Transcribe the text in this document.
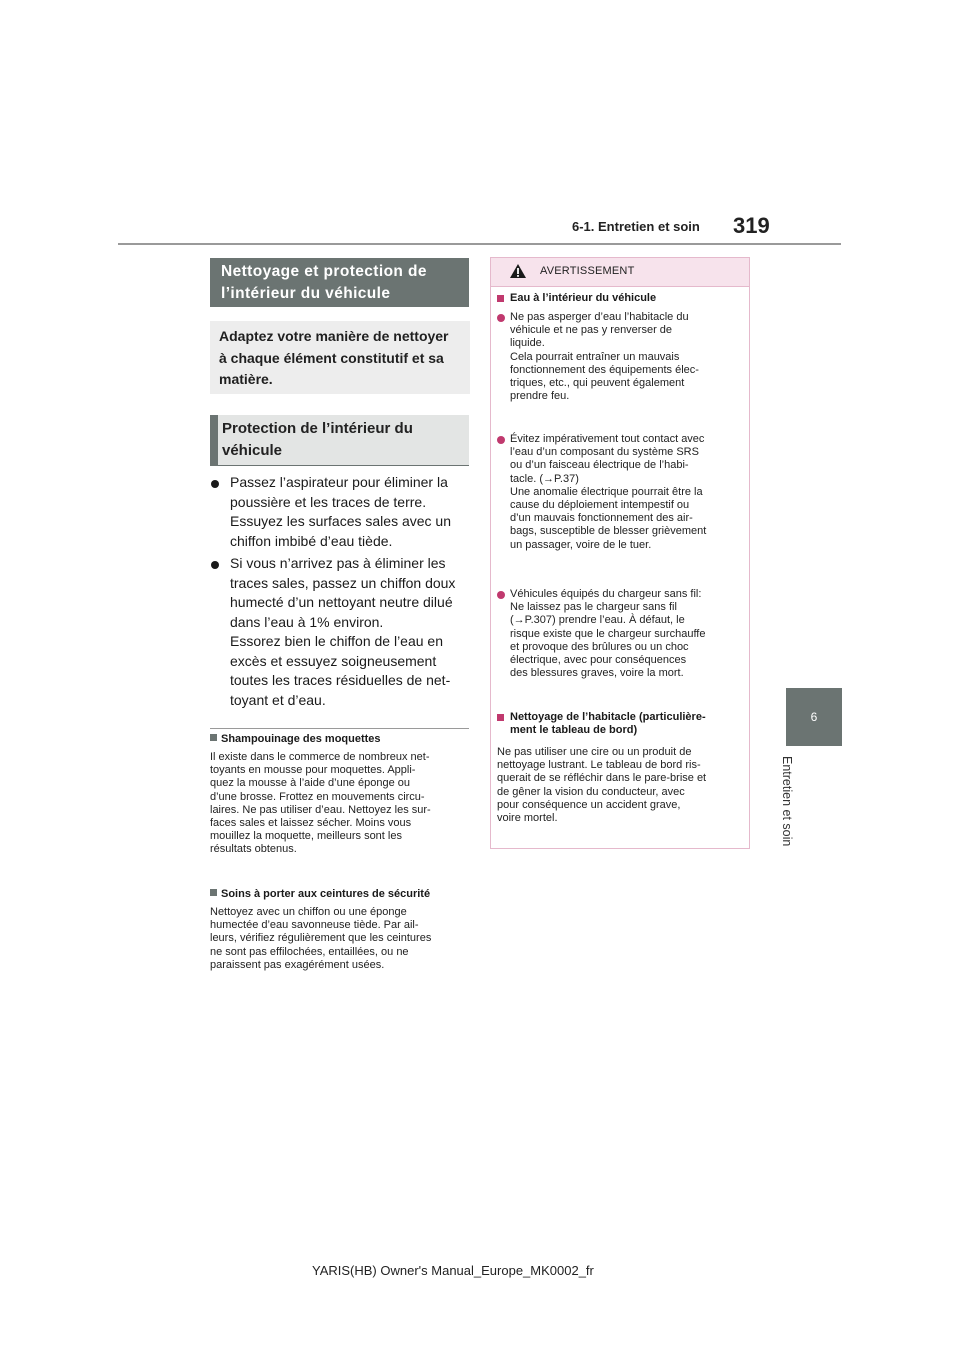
6-1. Entretien et soin 319
6
Entretien et soin
Nettoyage et protection de
l’intérieur du véhicule
Adaptez votre manière de nettoyer
à chaque élément constitutif et sa
matière.
Protection de l’intérieur du
véhicule
Passez l’aspirateur pour éliminer la
poussière et les traces de terre.
Essuyez les surfaces sales avec un
chiffon imbibé d’eau tiède.
Si vous n’arrivez pas à éliminer les
traces sales, passez un chiffon doux
humecté d’un nettoyant neutre dilué
dans l’eau à 1% environ.
Essorez bien le chiffon de l’eau en
excès et essuyez soigneusement
toutes les traces résiduelles de net-
toyant et d’eau.
Shampouinage des moquettes
Il existe dans le commerce de nombreux net-
toyants en mousse pour moquettes. Appli-
quez la mousse à l’aide d’une éponge ou
d’une brosse. Frottez en mouvements circu-
laires. Ne pas utiliser d’eau. Nettoyez les sur-
faces sales et laissez sécher. Moins vous
mouillez la moquette, meilleurs sont les
résultats obtenus.
Soins à porter aux ceintures de sécurité
Nettoyez avec un chiffon ou une éponge
humectée d’eau savonneuse tiède. Par ail-
leurs, vérifiez régulièrement que les ceintures
ne sont pas effilochées, entaillées, ou ne
paraissent pas exagérément usées.
AVERTISSEMENT
Eau à l’intérieur du véhicule
Ne pas asperger d’eau l’habitacle du
véhicule et ne pas y renverser de
liquide.
Cela pourrait entraîner un mauvais
fonctionnement des équipements élec-
triques, etc., qui peuvent également
prendre feu.
Évitez impérativement tout contact avec
l’eau d’un composant du système SRS
ou d’un faisceau électrique de l’habi-
tacle. (→P.37)
Une anomalie électrique pourrait être la
cause du déploiement intempestif ou
d’un mauvais fonctionnement des air-
bags, susceptible de blesser grièvement
un passager, voire de le tuer.
Véhicules équipés du chargeur sans fil:
Ne laissez pas le chargeur sans fil
(→P.307) prendre l’eau. À défaut, le
risque existe que le chargeur surchauffe
et provoque des brûlures ou un choc
électrique, avec pour conséquences
des blessures graves, voire la mort.
Nettoyage de l’habitacle (particulière-
ment le tableau de bord)
Ne pas utiliser une cire ou un produit de
nettoyage lustrant. Le tableau de bord ris-
querait de se réfléchir dans le pare-brise et
de gêner la vision du conducteur, avec
pour conséquence un accident grave,
voire mortel.
YARIS(HB) Owner's Manual_Europe_MK0002_fr
